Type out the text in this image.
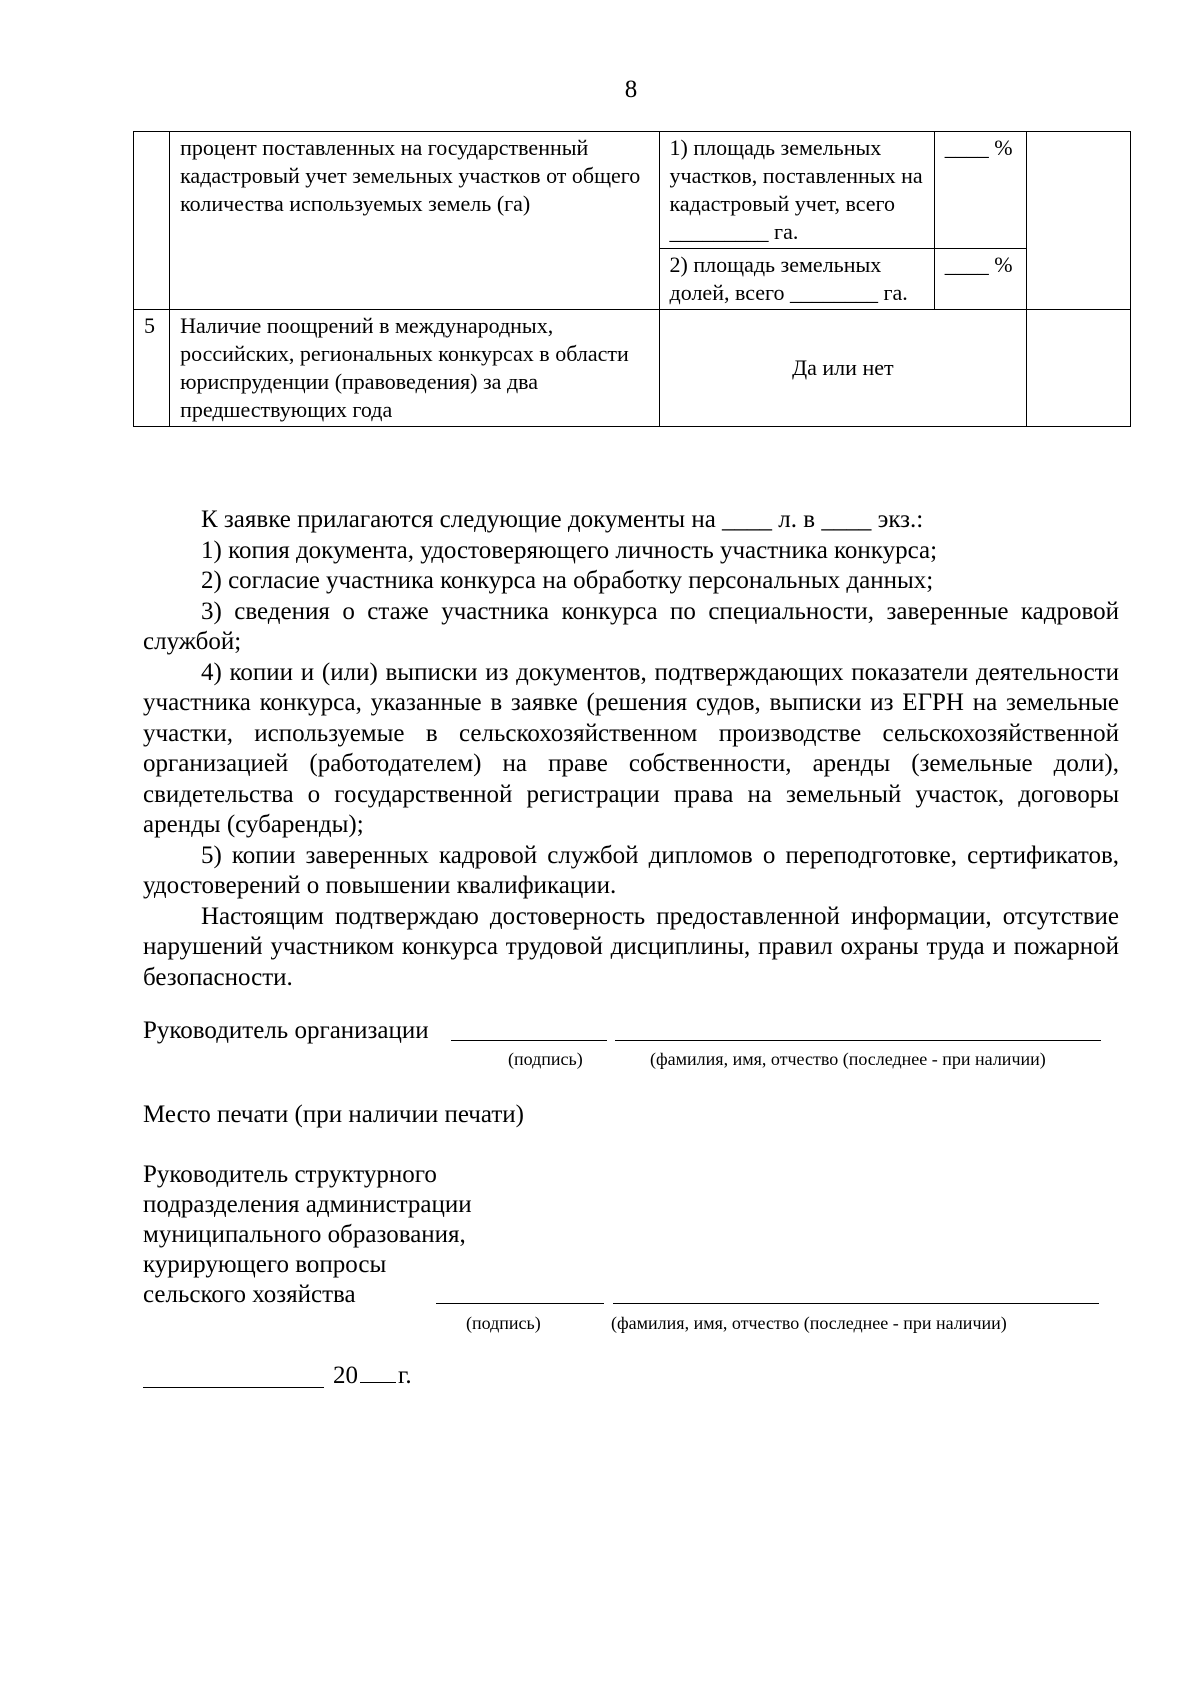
8
	процент поставленных на государственный кадастровый учет земельных участков от общего количества используемых земель (га)	1) площадь земельных участков, поставленных на кадастровый учет, всего _________ га.	____ %	
		2) площадь земельных долей, всего ________ га.	____ %	
5	Наличие поощрений в международных, российских, региональных конкурсах в области юриспруденции (правоведения) за два предшествующих года	Да или нет		

К заявке прилагаются следующие документы на ____ л. в ____ экз.:

1) копия документа, удостоверяющего личность участника конкурса;

2) согласие участника конкурса на обработку персональных данных;

3) сведения о стаже участника конкурса по специальности, заверенные кадровой службой;

4) копии и (или) выписки из документов, подтверждающих показатели деятельности участника конкурса, указанные в заявке (решения судов, выписки из ЕГРН на земельные участки, используемые в сельскохозяйственном производстве сельскохозяйственной организацией (работодателем) на праве собственности, аренды (земельные доли), свидетельства о государственной регистрации права на земельный участок, договоры аренды (субаренды);

5) копии заверенных кадровой службой дипломов о переподготовке, сертификатов, удостоверений о повышении квалификации.

Настоящим подтверждаю достоверность предоставленной информации, отсутствие нарушений участником конкурса трудовой дисциплины, правил охраны труда и пожарной безопасности.

Руководитель организации
(подпись)	(фамилия, имя, отчество (последнее - при наличии)
Место печати (при наличии печати)
Руководитель структурного
подразделения администрации
муниципального образования,
курирующего вопросы
сельского хозяйства
(подпись)	(фамилия, имя, отчество (последнее - при наличии)
20 г.
